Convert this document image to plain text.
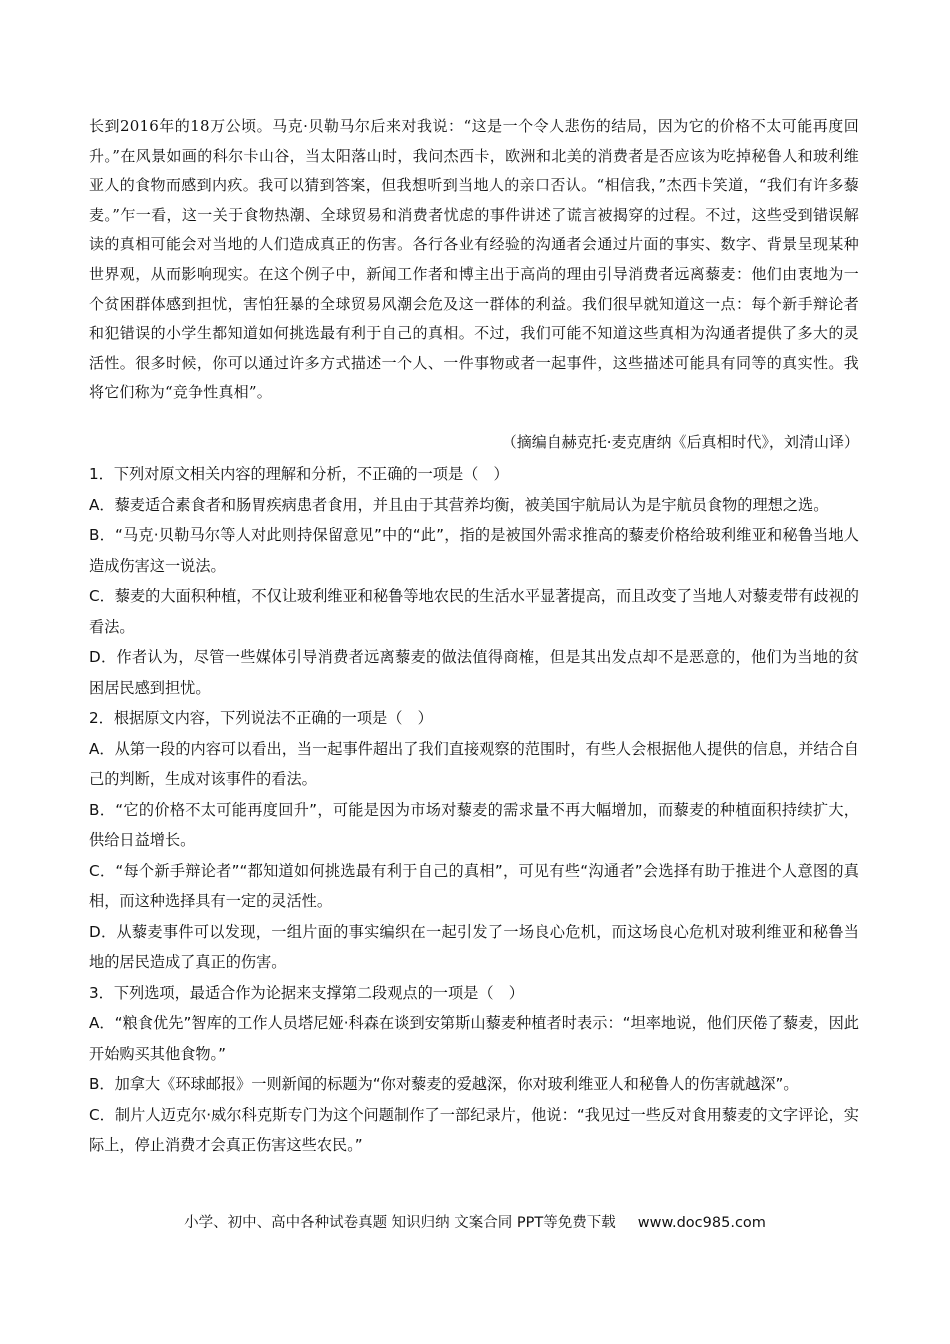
长到2016年的18万公顷。马克·贝勒马尔后来对我说：“这是一个令人悲伤的结局，因为它的价格不太可能再度回升。”在风景如画的科尔卡山谷，当太阳落山时，我问杰西卡，欧洲和北美的消费者是否应该为吃掉秘鲁人和玻利维亚人的食物而感到内疚。我可以猜到答案，但我想听到当地人的亲口否认。“相信我，”杰西卡笑道，“我们有许多藜麦。”乍一看，这一关于食物热潮、全球贸易和消费者忧虑的事件讲述了谎言被揭穿的过程。不过，这些受到错误解读的真相可能会对当地的人们造成真正的伤害。各行各业有经验的沟通者会通过片面的事实、数字、背景呈现某种世界观，从而影响现实。在这个例子中，新闻工作者和博主出于高尚的理由引导消费者远离藜麦：他们由衷地为一个贫困群体感到担忧，害怕狂暴的全球贸易风潮会危及这一群体的利益。我们很早就知道这一点：每个新手辩论者和犯错误的小学生都知道如何挑选最有利于自己的真相。不过，我们可能不知道这些真相为沟通者提供了多大的灵活性。很多时候，你可以通过许多方式描述一个人、一件事物或者一起事件，这些描述可能具有同等的真实性。我将它们称为“竞争性真相”。

（摘编自赫克托·麦克唐纳《后真相时代》，刘清山译）

1．下列对原文相关内容的理解和分析，不正确的一项是（　）

A．藜麦适合素食者和肠胃疾病患者食用，并且由于其营养均衡，被美国宇航局认为是宇航员食物的理想之选。

B．“马克·贝勒马尔等人对此则持保留意见”中的“此”，指的是被国外需求推高的藜麦价格给玻利维亚和秘鲁当地人造成伤害这一说法。

C．藜麦的大面积种植，不仅让玻利维亚和秘鲁等地农民的生活水平显著提高，而且改变了当地人对藜麦带有歧视的看法。

D．作者认为，尽管一些媒体引导消费者远离藜麦的做法值得商榷，但是其出发点却不是恶意的，他们为当地的贫困居民感到担忧。

2．根据原文内容，下列说法不正确的一项是（　）

A．从第一段的内容可以看出，当一起事件超出了我们直接观察的范围时，有些人会根据他人提供的信息，并结合自己的判断，生成对该事件的看法。

B．“它的价格不太可能再度回升”，可能是因为市场对藜麦的需求量不再大幅增加，而藜麦的种植面积持续扩大，供给日益增长。

C．“每个新手辩论者”“都知道如何挑选最有利于自己的真相”，可见有些“沟通者”会选择有助于推进个人意图的真相，而这种选择具有一定的灵活性。

D．从藜麦事件可以发现，一组片面的事实编织在一起引发了一场良心危机，而这场良心危机对玻利维亚和秘鲁当地的居民造成了真正的伤害。

3．下列选项，最适合作为论据来支撑第二段观点的一项是（　）

A．“粮食优先”智库的工作人员塔尼娅·科森在谈到安第斯山藜麦种植者时表示：“坦率地说，他们厌倦了藜麦，因此开始购买其他食物。”

B．加拿大《环球邮报》一则新闻的标题为“你对藜麦的爱越深，你对玻利维亚人和秘鲁人的伤害就越深”。

C．制片人迈克尔·威尔科克斯专门为这个问题制作了一部纪录片，他说：“我见过一些反对食用藜麦的文字评论，实际上，停止消费才会真正伤害这些农民。”

小学、初中、高中各种试卷真题 知识归纳 文案合同 PPT等免费下载 www.doc985.com
